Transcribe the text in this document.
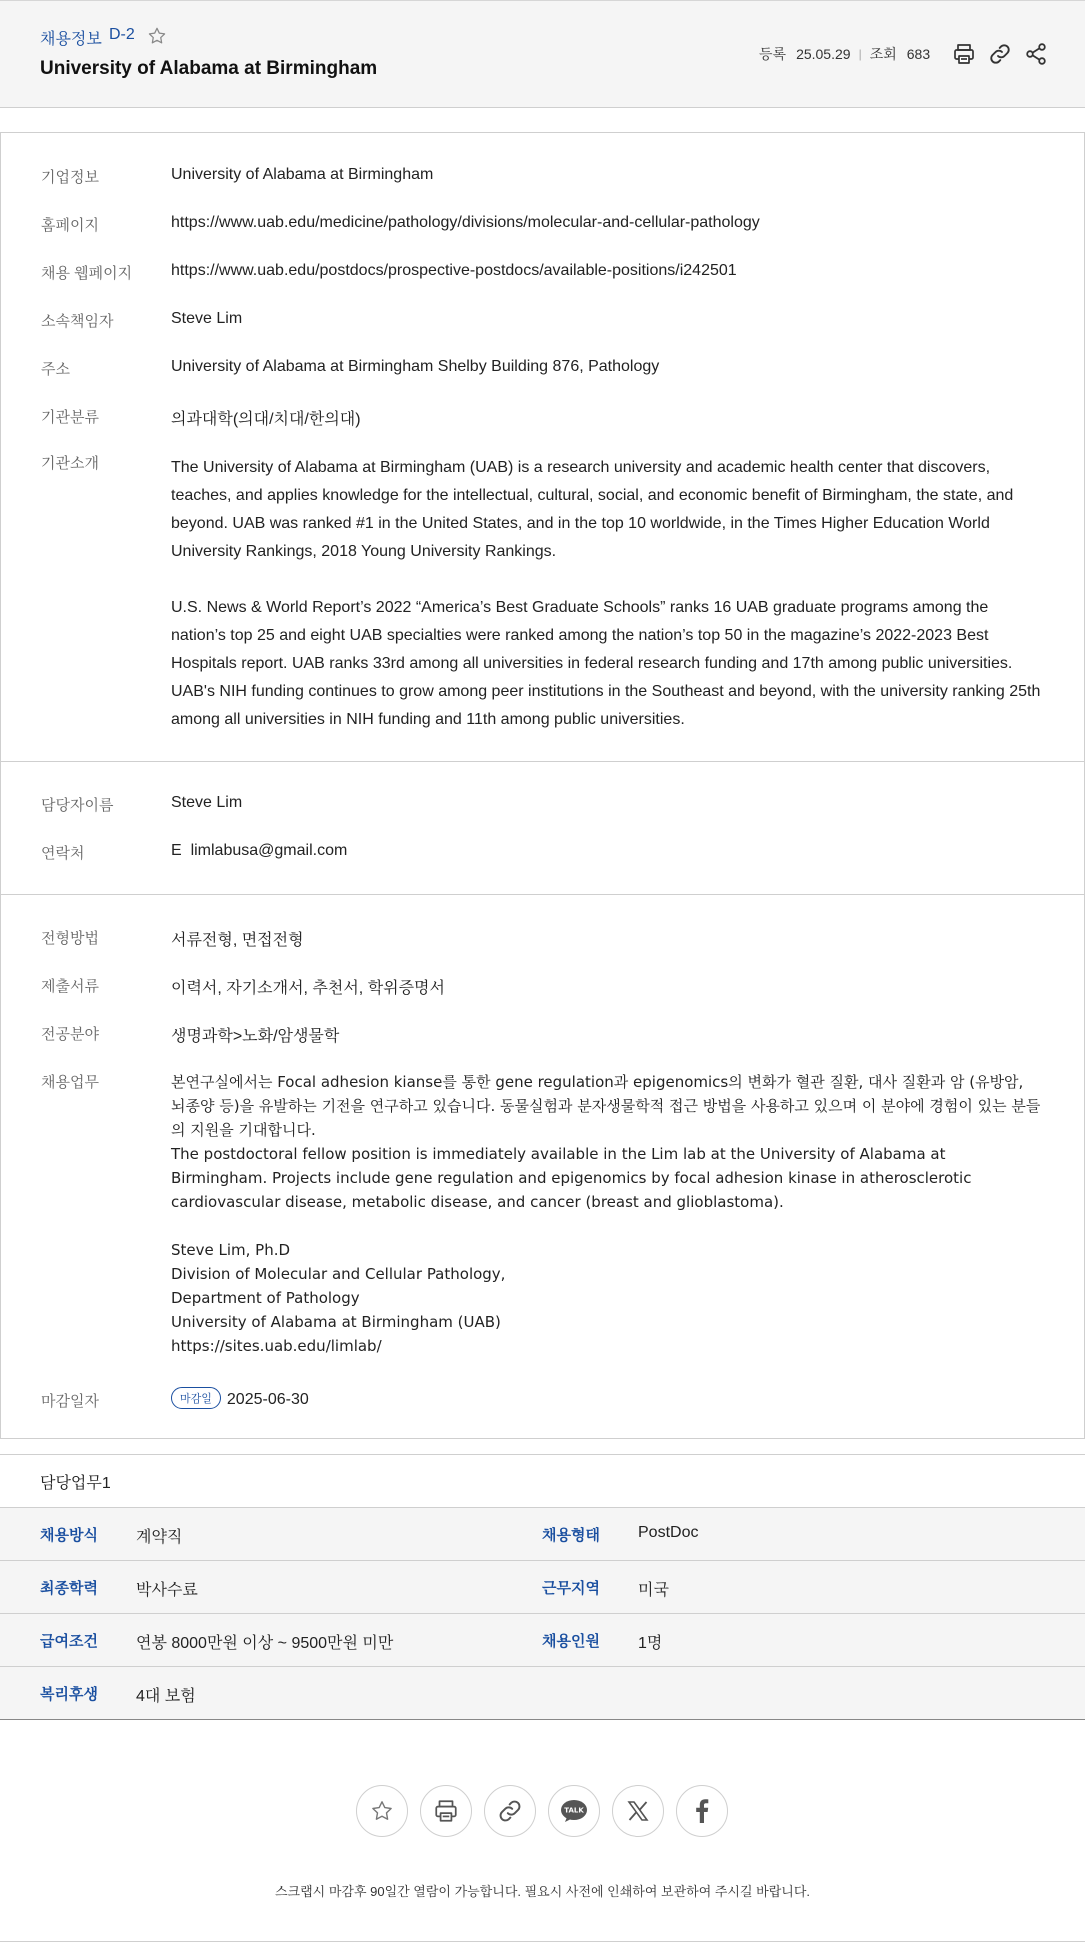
채용정보 D-2
University of Alabama at Birmingham
등록 25.05.29 | 조회 683
기업정보	University of Alabama at Birmingham
홈페이지	https://www.uab.edu/medicine/pathology/divisions/molecular-and-cellular-pathology
채용 웹페이지 https://www.uab.edu/postdocs/prospective-postdocs/available-positions/i242501
소속책임자	Steve Lim
주소	University of Alabama at Birmingham Shelby Building 876, Pathology
기관분류	의과대학(의대/치대/한의대)
기관소개	The University of Alabama at Birmingham (UAB) is a research university and academic health center that discovers, teaches, and applies knowledge for the intellectual, cultural, social, and economic benefit of Birmingham, the state, and beyond. UAB was ranked #1 in the United States, and in the top 10 worldwide, in the Times Higher Education World University Rankings, 2018 Young University Rankings.

U.S. News & World Report’s 2022 “America’s Best Graduate Schools” ranks 16 UAB graduate programs among the nation’s top 25 and eight UAB specialties were ranked among the nation’s top 50 in the magazine’s 2022-2023 Best Hospitals report. UAB ranks 33rd among all universities in federal research funding and 17th among public universities. UAB's NIH funding continues to grow among peer institutions in the Southeast and beyond, with the university ranking 25th among all universities in NIH funding and 11th among public universities.

담당자이름	Steve Lim
연락처	E limlabusa@gmail.com
전형방법	서류전형, 면접전형
제출서류	이력서, 자기소개서, 추천서, 학위증명서
전공분야	생명과학>노화/암생물학
채용업무	본연구실에서는 Focal adhesion kianse를 통한 gene regulation과 epigenomics의 변화가 혈관 질환, 대사 질환과 암 (유방암, 뇌종양 등)을 유발하는 기전을 연구하고 있습니다. 동물실험과 분자생물학적 접근 방법을 사용하고 있으며 이 분야에 경험이 있는 분들의 지원을 기대합니다.

The postdoctoral fellow position is immediately available in the Lim lab at the University of Alabama at Birmingham. Projects include gene regulation and epigenomics by focal adhesion kinase in atherosclerotic cardiovascular disease, metabolic disease, and cancer (breast and glioblastoma).

Steve Lim, Ph.D

Division of Molecular and Cellular Pathology,

Department of Pathology

University of Alabama at Birmingham (UAB)

https://sites.uab.edu/limlab/

마감일자	마감일 2025-06-30
담당업무1
채용방식 계약직	채용형태 PostDoc
최종학력 박사수료	근무지역 미국
급여조건 연봉 8000만원 이상 ~ 9500만원 미만	채용인원 1명
복리후생 4대 보험
TALK
스크랩시 마감후 90일간 열람이 가능합니다. 필요시 사전에 인쇄하여 보관하여 주시길 바랍니다.
